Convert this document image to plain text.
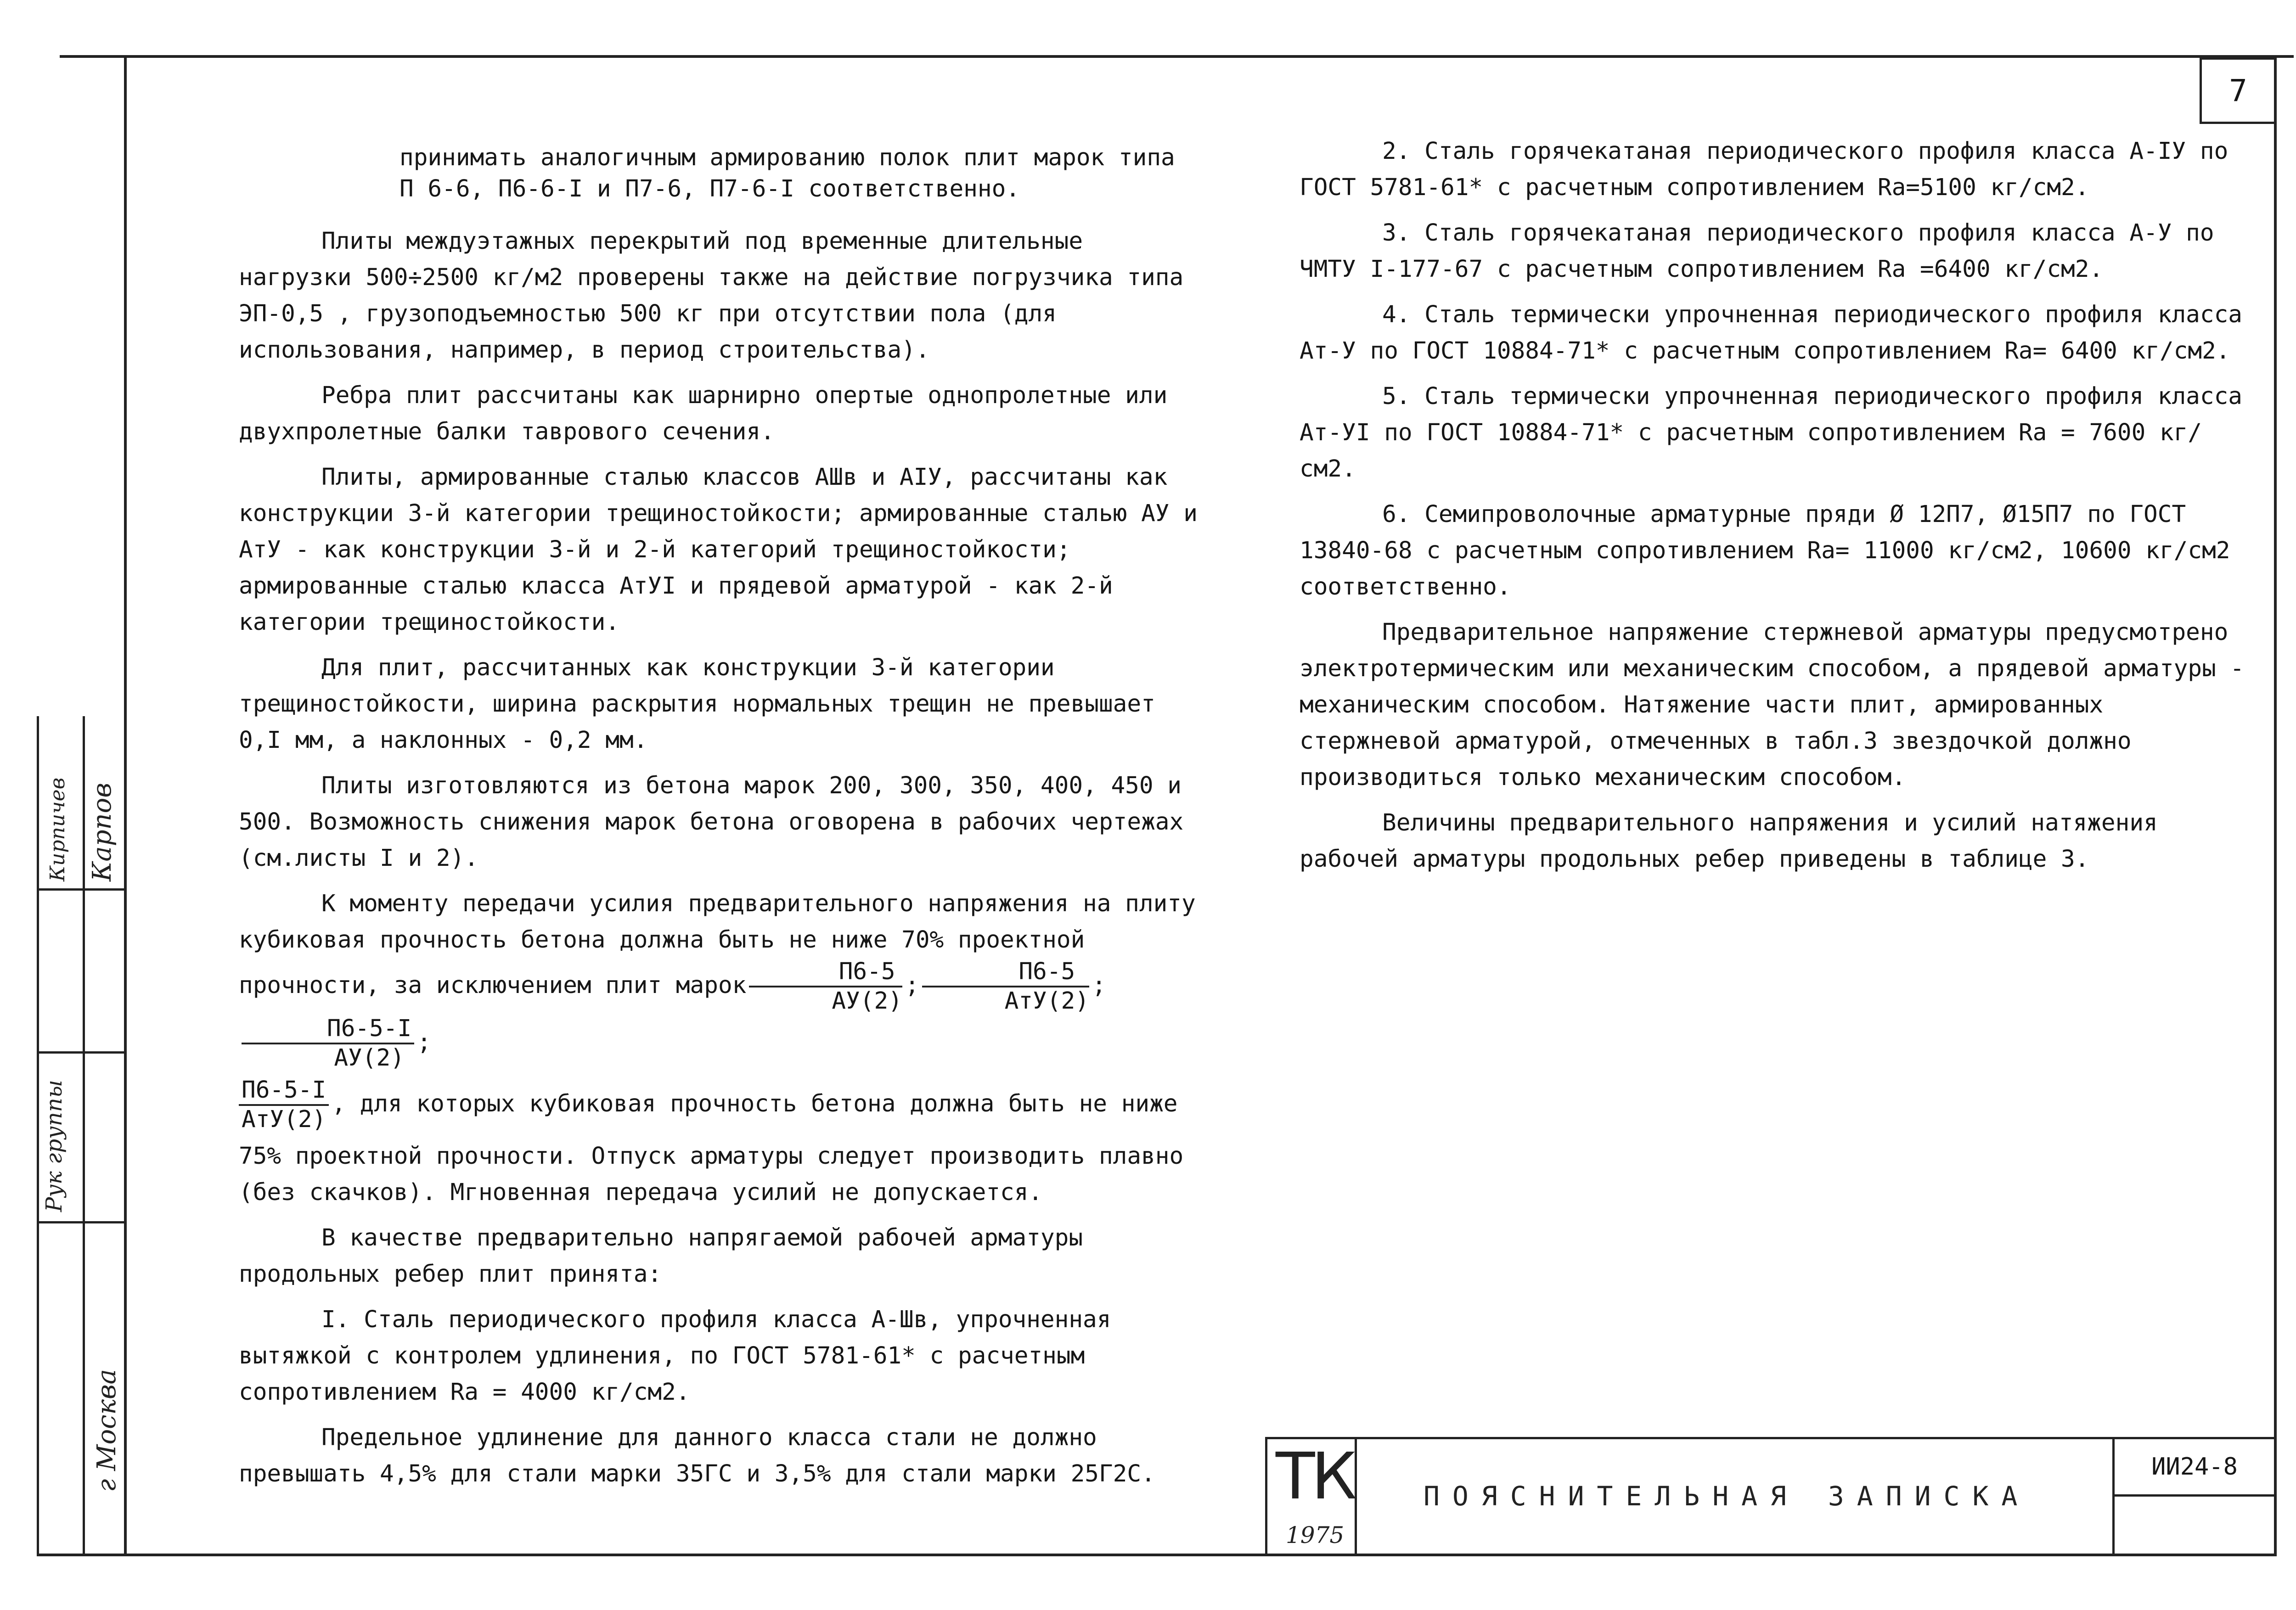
7

принимать аналогичным армированию полок плит марок типа П 6-6, П6-6-I и П7-6, П7-6-I соответственно.

Плиты междуэтажных перекрытий под временные длительные нагрузки 500÷2500 кг/м2 проверены также на действие погрузчика типа ЭП-0,5 , грузоподъемностью 500 кг при отсутствии пола (для использования, например, в период строительства).

Ребра плит рассчитаны как шарнирно опертые однопролетные или двухпролетные балки таврового сечения.

Плиты, армированные сталью классов АШв и АIУ, рассчитаны как конструкции 3-й категории трещиностойкости; армированные сталью АУ и АтУ - как конструкции 3-й и 2-й категорий трещиностойкости; армированные сталью класса АтУI и прядевой арматурой - как 2-й категории трещиностойкости.

Для плит, рассчитанных как конструкции 3-й категории трещиностойкости, ширина раскрытия нормальных трещин не превышает 0,I мм, а наклонных - 0,2 мм.

Плиты изготовляются из бетона марок 200, 300, 350, 400, 450 и 500. Возможность снижения марок бетона оговорена в рабочих чертежах (см.листы I и 2).

К моменту передачи усилия предварительного напряжения на плиту кубиковая прочность бетона должна быть не ниже 70% проектной прочности, за исключением плит марок $\frac{П6-5}{АУ(2)}$ ; $\frac{П6-5}{\text{АтУ(2)}}$ ;
$\frac{П6-5-I}{АУ(2)}$ ;

$\frac{П6-5-I}{\text{АтУ(2)}}$ , для которых кубиковая прочность бетона должна быть не ниже

75% проектной прочности. Отпуск арматуры следует производить плавно (без скачков). Мгновенная передача усилий не допускается.

В качестве предварительно напрягаемой рабочей арматуры продольных ребер плит принята:

I. Сталь периодического профиля класса А-Шв, упрочненная вытяжкой с контролем удлинения, по ГОСТ 5781-61* с расчетным сопротивлением Rа = 4000 кг/см2.

Предельное удлинение для данного класса стали не должно превышать 4,5% для стали марки 35ГС и 3,5% для стали марки 25Г2С.

2. Сталь горячекатаная периодического профиля класса А-IУ по ГОСТ 5781-61* с расчетным сопротивлением Rа=5100 кг/см2.

3. Сталь горячекатаная периодического профиля класса А-У по ЧМТУ I-177-67 с расчетным сопротивлением Rа =6400 кг/см2.

4. Сталь термически упрочненная периодического профиля класса Ат-У по ГОСТ 10884-71* с расчетным сопротивлением Rа= 6400 кг/см2.

5. Сталь термически упрочненная периодического профиля класса Ат-УI по ГОСТ 10884-71* с расчетным сопротивлением Rа = 7600 кг/см2.

6. Семипроволочные арматурные пряди Ø 12П7, Ø15П7 по ГОСТ 13840-68 с расчетным сопротивлением Rа= 11000 кг/см2, 10600 кг/см2 соответственно.

Предварительное напряжение стержневой арматуры предусмотрено электротермическим или механическим способом, а прядевой арматуры - механическим способом. Натяжение части плит, армированных стержневой арматурой, отмеченных в табл.3 звездочкой должно производиться только механическим способом.

Величины предварительного напряжения и усилий натяжения рабочей арматуры продольных ребер приведены в таблице 3.

ТК
1975
ПОЯСНИТЕЛЬНАЯ ЗАПИСКА
ИИ24-8
г Москва
Рук группы
Карпов
Кирпичев
